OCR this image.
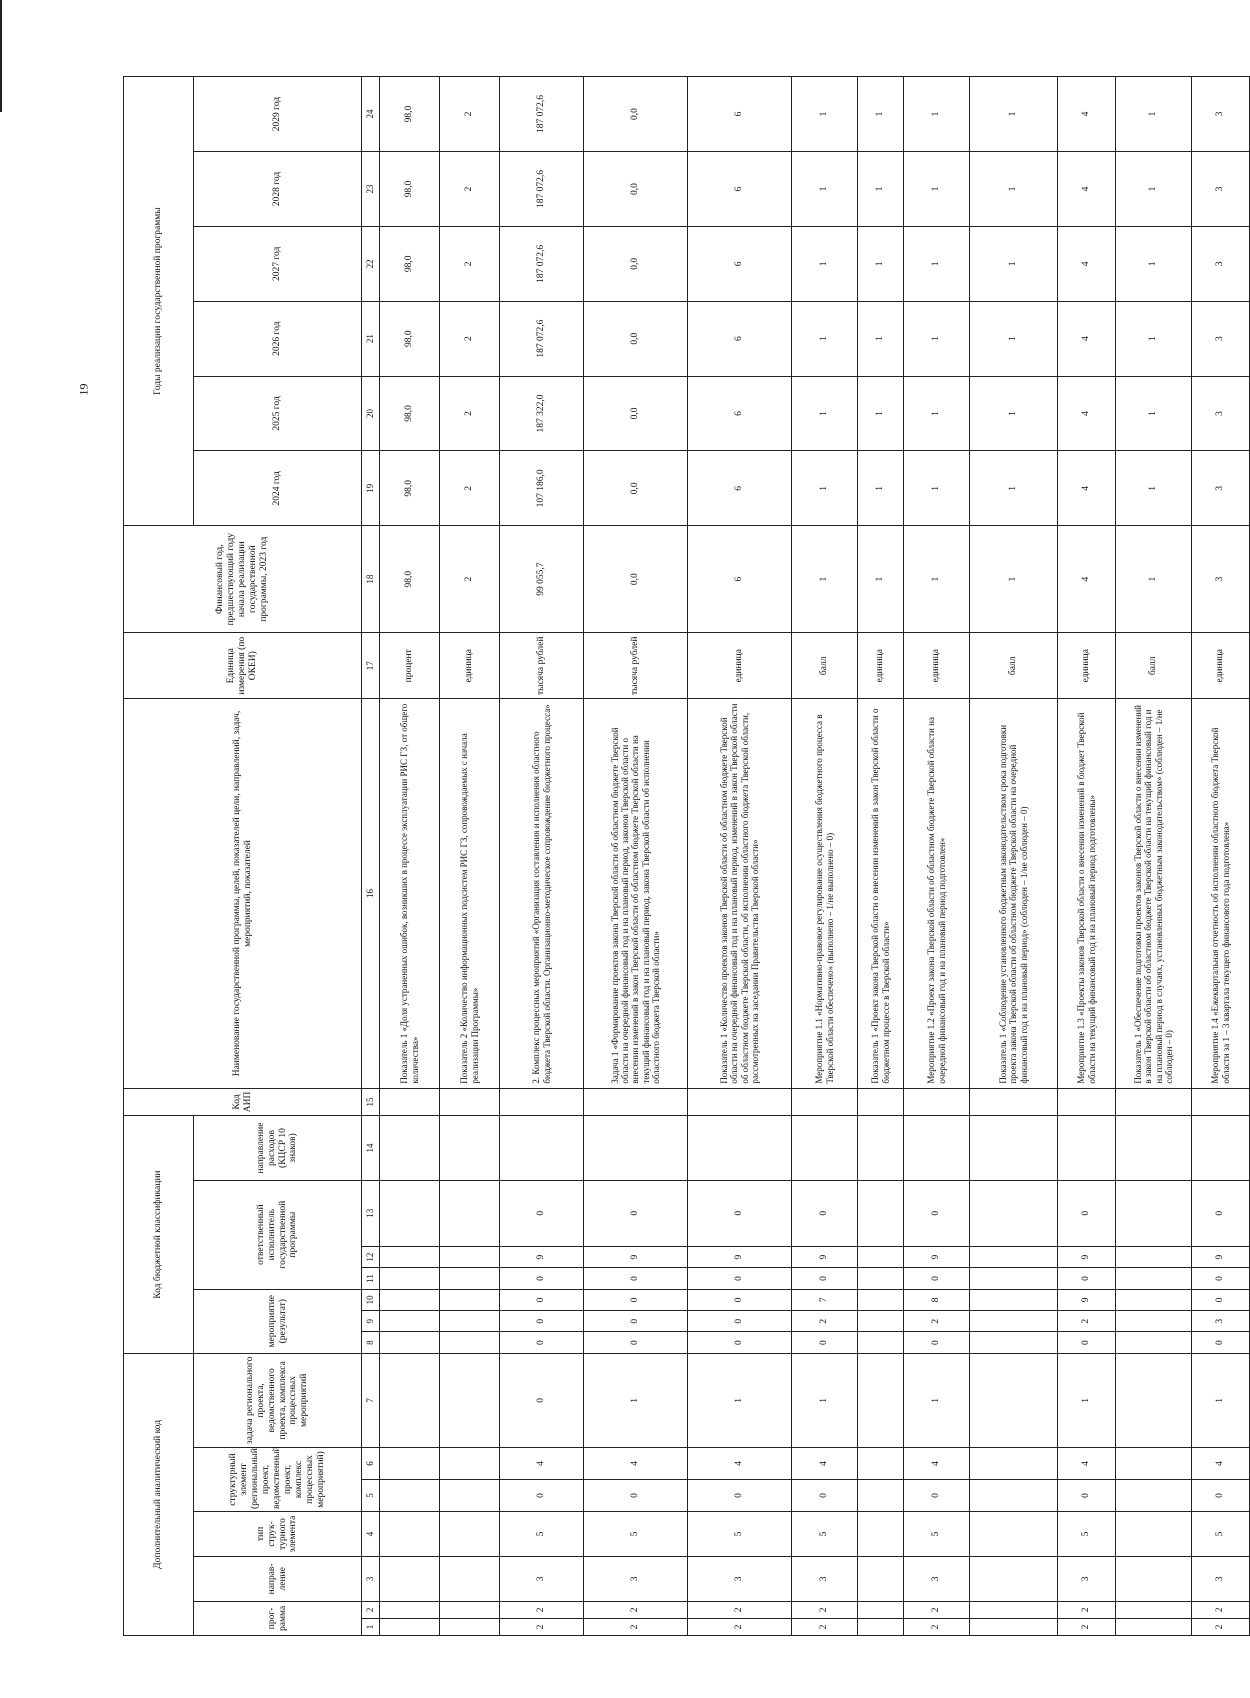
19
Дополнительный аналитический код							Код бюджетной классификации							Код АИП	Наименование государственной программы, целей, показателей цели, направлений, задач, мероприятий, показателей	Единица измерения (по ОКЕИ)	Финансовый год, предшествующий году начала реализации государственной программы, 2023 год	Годы реализации государственной программы					
прог-рамма		направ-ление	тип струк-турного элемента	структурный элемент (региональный проект, ведомственный проект, комплекс процессных мероприятий)		задача регионального проекта, ведомственного проекта, комплекса процессных мероприятий	мероприятие (результат)			ответственный исполнитель государственной программы			направление расходов (КЦСР 10 знаков)					2024 год	2025 год	2026 год	2027 год	2028 год	2029 год
1	2	3	4	5	6	7	8	9	10	11	12	13	14	15	16	17	18	19	20	21	22	23	24
															Показатель 1 «Доля устраненных ошибок, возникших в процессе эксплуатации РИС ГЗ, от общего количества»	процент	98,0	98,0	98,0	98,0	98,0	98,0	98,0
															Показатель 2 «Количество информационных подсистем РИС ГЗ, сопровождаемых с начала реализации Программы»	единица	2	2	2	2	2	2	2
2	2	3	5	0	4	0	0	0	0	0	9	0			2. Комплекс процессных мероприятий «Организация составления и исполнения областного бюджета Тверской области. Организационно-методическое сопровождение бюджетного процесса»	тысяча рублей	99 055,7	107 186,0	187 322,0	187 072,6	187 072,6	187 072,6	187 072,6
2	2	3	5	0	4	1	0	0	0	0	9	0			Задача 1 «Формирование проектов закона Тверской области об областном бюджете Тверской области на очередной финансовый год и на плановый период, законов Тверской области о внесении изменений в закон Тверской области об областном бюджете Тверской области на текущий финансовый год и на плановый период, закона Тверской области об исполнении областного бюджета Тверской области»	тысяча рублей	0,0	0,0	0,0	0,0	0,0	0,0	0,0
2	2	3	5	0	4	1	0	0	0	0	9	0			Показатель 1 «Количество проектов законов Тверской области об областном бюджете Тверской области на очередной финансовый год и на плановый период, изменений в закон Тверской области об областном бюджете Тверской области, об исполнении областного бюджета Тверской области, рассмотренных на заседании Правительства Тверской области»	единица	6	6	6	6	6	6	6
2	2	3	5	0	4	1	0	2	7	0	9	0			Мероприятие 1.1 «Нормативно-правовое регулирование осуществления бюджетного процесса в Тверской области обеспечено» (выполнено – 1/не выполнено – 0)	балл	1	1	1	1	1	1	1
															Показатель 1 «Проект закона Тверской области о внесении изменений в закон Тверской области о бюджетном процессе в Тверской области»	единица	1	1	1	1	1	1	1
2	2	3	5	0	4	1	0	2	8	0	9	0			Мероприятие 1.2 «Проект закона Тверской области об областном бюджете Тверской области на очередной финансовый год и на плановый период подготовлен»	единица	1	1	1	1	1	1	1
															Показатель 1 «Соблюдение установленного бюджетным законодательством срока подготовки проекта закона Тверской области об областном бюджете Тверской области на очередной финансовый год и на плановый период» (соблюден – 1/не соблюден – 0)	балл	1	1	1	1	1	1	1
2	2	3	5	0	4	1	0	2	9	0	9	0			Мероприятие 1.3 «Проекты законов Тверской области о внесении изменений в бюджет Тверской области на текущий финансовый год и на плановый период подготовлены»	единица	4	4	4	4	4	4	4
															Показатель 1 «Обеспечение подготовки проектов законов Тверской области о внесении изменений в закон Тверской области об областном бюджете Тверской области на текущий финансовый год и на плановый период в случаях, установленных бюджетным законодательством» (соблюден – 1/не соблюден – 0)	балл	1	1	1	1	1	1	1
2	2	3	5	0	4	1	0	3	0	0	9	0			Мероприятие 1.4 «Ежеквартальная отчетность об исполнении областного бюджета Тверской области за 1 – 3 квартала текущего финансового года подготовлена»	единица	3	3	3	3	3	3	3
